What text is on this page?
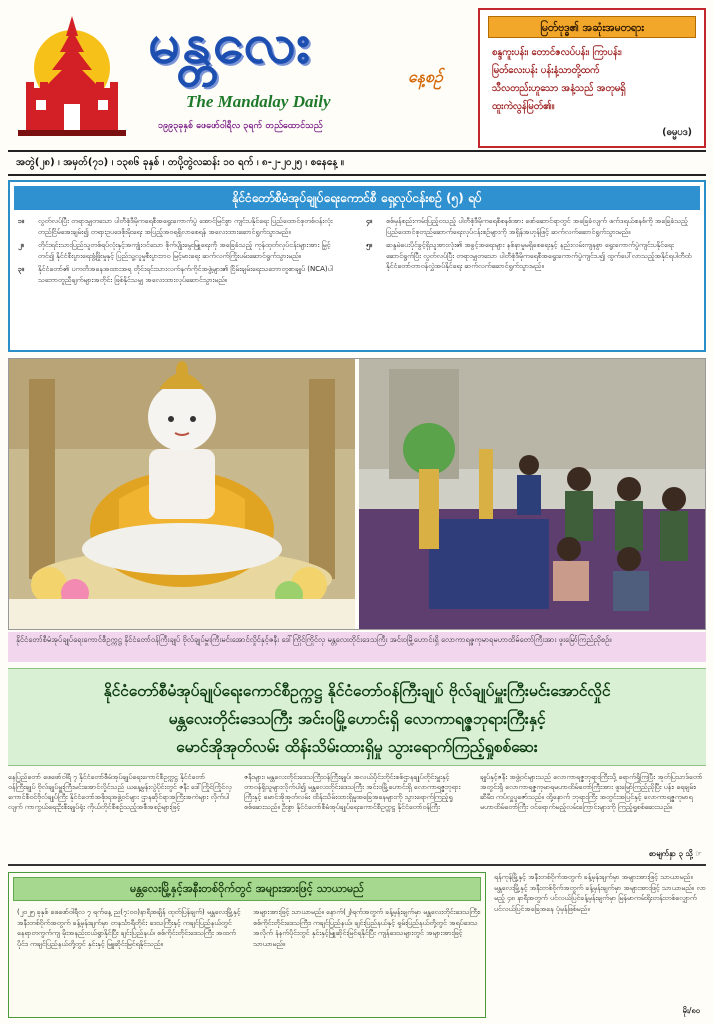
မန္တလေး
နေ့စဉ်
The Mandalay Daily
၁၉၉၃ခုနှစ် ဖေဖော်ဝါရီလ ၃ရက် တည်ထောင်သည်
မြတ်ဗုဒ္ဓ၏ အဆုံးအမတရား
စန္ဒကူးပန်း၊ တောင်ဇလပ်ပန်း၊ ကြာပန်း၊
မြတ်လေးပန်း ပန်းနံ့သာတို့ထက်
သီလတည်းဟူသော အနံ့သည် အတုမရှိ
ထူးကဲလွန်မြတ်၏။
(ဓမ္မပဒ)
အတွဲ(၂၈) ၊ အမှတ်(၇၁) ၊ ၁၃၈၆ ခုနှစ် ၊ တပို့တွဲလဆန်း ၁၀ ရက် ၊ ၈-၂-၂၀၂၅ ၊ စနေနေ့ ။
နိုင်ငံတော်စီမံအုပ်ချုပ်ရေးကောင်စီ ရှေ့လုပ်ငန်းစဉ် (၅) ရပ်
၁။	လွတ်လပ်ပြီး တရားမျှတသော ပါတီစုံဒီမိုကရေစီအရွေးကောက်ပွဲ အောင်မြင်စွာ ကျင်းပနိုင်ရေး ပြည်ထောင်စုတစ်ဝန်းလုံး တည်ငြိမ်အေးချမ်း၍ တရားဥပဒေစိုးမိုးရေး အပြည့်အဝရရှိလာစေရန် အလေးထားဆောင်ရွက်သွားမည်။
၂။	တိုင်းရင်းသားပြည်သူတစ်ရပ်လုံးနှင့်အကျုံးဝင်သော စိုက်ပျိုးမွေးမြူရေးကို အခြေခံသည့် ကုန်ထုတ်လုပ်ငန်းများအား မြှင့်တင်၍ နိုင်ငံစီးပွားရေးဖွံ့ဖြိုးမှုနှင့် ပြည်သူ့လူမှုစီးပွားဘဝ မြင့်မားရေး ဆက်လက်ကြိုးပမ်းဆောင်ရွက်သွားမည်။
၃။	နိုင်ငံတော်၏ ပကတိအနေအထားအရ တိုင်းရင်းသားလက်နက်ကိုင်အဖွဲ့များ၏ ငြိမ်းချမ်းရေးသဘောတူစာချုပ် (NCA)ပါ သဘောတူညီချက်များအတိုင်း ဖြစ်နိုင်သမျှ အလေးထားလုပ်ဆောင်သွားမည်။
၄။	စစ်မှန်စည်းကမ်းပြည့်ဝသည့် ပါတီစုံဒီမိုကရေစီစနစ်အား ဖော်ဆောင်ရာတွင် အခြေခံလျက် ဖက်ဒရယ်စနစ်ကို အခြေခံသည့် ပြည်ထောင်စုတည်ဆောက်ရေးလုပ်ငန်းစဉ်များကို အရှိန်အဟုန်ဖြင့် ဆက်လက်ဆောင်ရွက်သွားမည်။
၅။	ဆန္ဒမဲပေးပိုင်ခွင့်ရှိသူအားလုံး၏ အခွင့်အရေးများ နစ်နာမှုမရှိစေရေးနှင့် နည်းလမ်းကျနစွာ ရွေးကောက်ပွဲကျင်းပနိုင်ရေး ဆောင်ရွက်ပြီး လွတ်လပ်ပြီး တရားမျှတသော ပါတီစုံဒီမိုကရေစီအရွေးကောက်ပွဲကျင်းပ၍ ထွက်ပေါ်လာသည့်အနိုင်ရပါတီထံ နိုင်ငံတော်တာဝန်လွှဲအပ်နိုင်ရေး ဆက်လက်ဆောင်ရွက်သွားမည်။
နိုင်ငံတော်စီမံအုပ်ချုပ်ရေးကောင်စီဥက္ကဋ္ဌ နိုင်ငံတော်ဝန်ကြီးချုပ် ဗိုလ်ချုပ်မှူးကြီးမင်းအောင်လှိုင်နှင့်ဇနီး ဒေါ်ကြိုင်ကြိုင်လှ မန္တလေးတိုင်းဒေသကြီး အင်းဝမြို့ဟောင်းရှိ လောကာရဇ္ဇကုမာရမဟာထိမ်တော်ကြီးအား ဖူးမြော်ကြည်ညိုစဉ်။
နိုင်ငံတော်စီမံအုပ်ချုပ်ရေးကောင်စီဥက္ကဋ္ဌ နိုင်ငံတော်ဝန်ကြီးချုပ် ဗိုလ်ချုပ်မှူးကြီးမင်းအောင်လှိုင်
မန္တလေးတိုင်းဒေသကြီး အင်းဝမြို့ဟောင်းရှိ လောကာရဇ္ဇဘုရားကြီးနှင့်
မောင်အိုအုတ်လမ်း ထိန်းသိမ်းထားရှိမှု သွားရောက်ကြည့်ရှုစစ်ဆေး
နေပြည်တော် ဖေဖော်ဝါရီ ၇ နိုင်ငံတော်စီမံအုပ်ချုပ်ရေးကောင်စီဥက္ကဋ္ဌ နိုင်ငံတော်ဝန်ကြီးချုပ် ဗိုလ်ချုပ်မှူးကြီးမင်းအောင်လှိုင်သည် ယနေ့မွန်းလွဲပိုင်းတွင် ဇနီး ဒေါ်ကြိုင်ကြိုင်လှ ကောင်စီဝင်ဗိုလ်ချုပ်ကြီး နိုင်ငံတော်အစိုးရအဖွဲ့ဝင်များ ဌာနဆိုင်ရာအကြီးအကဲများ လိုက်ပါလျက် ကာကွယ်ရေးဦးစီးချုပ်ရုံး ကိုယ်တိုင်စီစဉ်သည့်အစီအစဉ်များဖြင့်
ဇနီးများ၊ မန္တလေးတိုင်းဒေသကြီးဝန်ကြီးချုပ်၊ အလယ်ပိုင်းတိုင်းစစ်ဌာနချုပ်တိုင်းမှူးနှင့် တာဝန်ရှိသူများလိုက်ပါ၍ မန္တလေးတိုင်းဒေသကြီး အင်းဝမြို့ဟောင်းရှိ လောကာရဇ္ဇဘုရားကြီးနှင့် မောင်အိုအုတ်လမ်း ထိန်းသိမ်းထားရှိမှုအခြေအနေများကို သွားရောက်ကြည့်ရှုစစ်ဆေးသည်။ ဦးစွာ နိုင်ငံတော်စီမံအုပ်ချုပ်ရေးကောင်စီဥက္ကဋ္ဌ နိုင်ငံတော်ဝန်ကြီး
ချုပ်နှင့်ဇနီး အဖွဲ့ဝင်များသည် လောကာရဇ္ဇဘုရားကြီးသို့ ရောက်ရှိကြပြီး အုတ်ပြသာဒ်တော်အတွင်းရှိ လောကာရဇ္ဇကုမာရမဟာထိမ်တော်ကြီးအား ဖူးမြော်ကြည်ညိုပြီး ပန်း၊ ရေချမ်း၊ ဆီမီး၊ ကပ်လှူပူဇော်သည်။ ထို့နောက် ဘုရားကြီး အတွင်းအပြင်နှင့် လောကာရဇ္ဇကုမာရမဟာထိမ်တော်ကြီး ဝင်ရောက်မည့်လမ်းကြောင်းများကို ကြည့်ရှုစစ်ဆေးသည်။
စာမျက်နှာ ၃ သို့ ☞
မန္တလေးမြို့နှင့်အနီးတစ်ဝိုက်တွင် အများအားဖြင့် သာယာမည်
(၂၀၂၅ ခုနှစ် ဖေဖော်ဝါရီလ ၇ ရက်နေ့ ည(၇:၀၀)နာရီအချိန် ထုတ်ပြန်ချက်) မန္တလေးမြို့နှင့် အနီးတစ်ဝိုက်အတွက် ခန့်မှန်းချက်မှာ တနင်္သာရီတိုင်း ဒေသကြီးနှင့် ကချင်ပြည်နယ်တွင် နေရာတကွက်ကျ မိုးအနည်းငယ်ရွာနိုင်ပြီး ချင်းပြည်နယ်၊ စစ်ကိုင်းတိုင်းဒေသကြီး အထက်ပိုင်း၊ ကချင်ပြည်နယ်တို့တွင် နှင်းနှင့် မြူဆိုင်းမြင်ရနိုင်သည်။
အများအားဖြင့် သာယာမည်။ နောက်(၂)ရက်အတွက် ခန့်မှန်းချက်မှာ မန္တလေးတိုင်းဒေသကြီး၊ စစ်ကိုင်းတိုင်းဒေသကြီး၊ ကချင်ပြည်နယ်၊ ချင်းပြည်နယ်နှင့် ရှမ်းပြည်နယ်တို့တွင် အရပ်ဒေသအလိုက် နံနက်ပိုင်းတွင် နှင်းနှင့်မြူဆိုင်းမြင်ရနိုင်ပြီး ကျန်ဒေသများတွင် အများအားဖြင့် သာယာမည်။
ရန်ကုန်မြို့နှင့် အနီးတစ်ဝိုက်အတွက် ခန့်မှန်းချက်မှာ အများအားဖြင့် သာယာမည်။ မန္တလေးမြို့နှင့် အနီးတစ်ဝိုက်အတွက် ခန့်မှန်းချက်မှာ အများအားဖြင့် သာယာမည်။ လာမည့် ၄၈ နာရီအတွက် ပင်လယ်ပြင်ခန့်မှန်းချက်မှာ မြန်မာကမ်းရိုးတန်းတစ်လျှောက် ပင်လယ်ပြင်အခြေအနေ ပုံမှန်ဖြစ်မည်။
မိုး/၈၀
